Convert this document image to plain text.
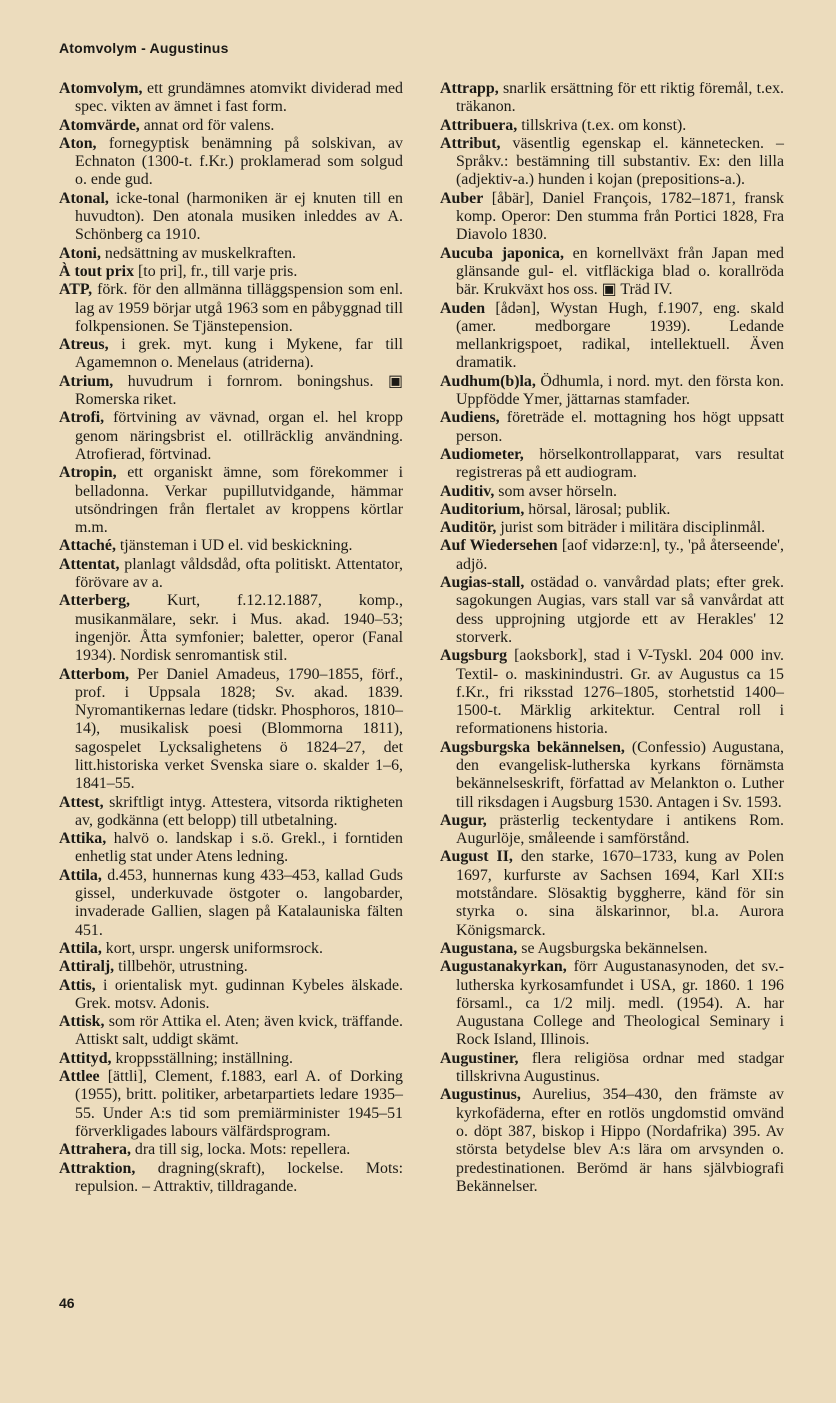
Atomvolym - Augustinus

Atomvolym, ett grundämnes atomvikt dividerad med spec. vikten av ämnet i fast form.

Atomvärde, annat ord för valens.

Aton, fornegyptisk benämning på solskivan, av Echnaton (1300-t. f.Kr.) proklamerad som solgud o. ende gud.

Atonal, icke-tonal (harmoniken är ej knuten till en huvudton). Den atonala musiken inleddes av A. Schönberg ca 1910.

Atoni, nedsättning av muskelkraften.

À tout prix [to pri], fr., till varje pris.

ATP, förk. för den allmänna tilläggspension som enl. lag av 1959 börjar utgå 1963 som en påbyggnad till folkpensionen. Se Tjänstepension.

Atreus, i grek. myt. kung i Mykene, far till Agamemnon o. Menelaus (atriderna).

Atrium, huvudrum i fornrom. boningshus. ▣ Romerska riket.

Atrofi, förtvining av vävnad, organ el. hel kropp genom näringsbrist el. otillräcklig användning. Atrofierad, förtvinad.

Atropin, ett organiskt ämne, som förekommer i belladonna. Verkar pupillutvidgande, hämmar utsöndringen från flertalet av kroppens körtlar m.m.

Attaché, tjänsteman i UD el. vid beskickning.

Attentat, planlagt våldsdåd, ofta politiskt. Attentator, förövare av a.

Atterberg, Kurt, f.12.12.1887, komp., musikanmälare, sekr. i Mus. akad. 1940–53; ingenjör. Åtta symfonier; baletter, operor (Fanal 1934). Nordisk senromantisk stil.

Atterbom, Per Daniel Amadeus, 1790–1855, förf., prof. i Uppsala 1828; Sv. akad. 1839. Nyromantikernas ledare (tidskr. Phosphoros, 1810–14), musikalisk poesi (Blommorna 1811), sagospelet Lycksalighetens ö 1824–27, det litt.historiska verket Svenska siare o. skalder 1–6, 1841–55.

Attest, skriftligt intyg. Attestera, vitsorda riktigheten av, godkänna (ett belopp) till utbetalning.

Attika, halvö o. landskap i s.ö. Grekl., i forntiden enhetlig stat under Atens ledning.

Attila, d.453, hunnernas kung 433–453, kallad Guds gissel, underkuvade östgoter o. langobarder, invaderade Gallien, slagen på Katalauniska fälten 451.

Attila, kort, urspr. ungersk uniformsrock.

Attiralj, tillbehör, utrustning.

Attis, i orientalisk myt. gudinnan Kybeles älskade. Grek. motsv. Adonis.

Attisk, som rör Attika el. Aten; även kvick, träffande. Attiskt salt, uddigt skämt.

Attityd, kroppsställning; inställning.

Attlee [ättli], Clement, f.1883, earl A. of Dorking (1955), britt. politiker, arbetarpartiets ledare 1935–55. Under A:s tid som premiärminister 1945–51 förverkligades labours välfärdsprogram.

Attrahera, dra till sig, locka. Mots: repellera.

Attraktion, dragning(skraft), lockelse. Mots: repulsion. – Attraktiv, tilldragande.

Attrapp, snarlik ersättning för ett riktig föremål, t.ex. träkanon.

Attribuera, tillskriva (t.ex. om konst).

Attribut, väsentlig egenskap el. kännetecken. – Språkv.: bestämning till substantiv. Ex: den lilla (adjektiv-a.) hunden i kojan (prepositions-a.).

Auber [åbär], Daniel François, 1782–1871, fransk komp. Operor: Den stumma från Portici 1828, Fra Diavolo 1830.

Aucuba japonica, en kornellväxt från Japan med glänsande gul- el. vitfläckiga blad o. korallröda bär. Krukväxt hos oss. ▣ Träd IV.

Auden [ådən], Wystan Hugh, f.1907, eng. skald (amer. medborgare 1939). Ledande mellankrigspoet, radikal, intellektuell. Även dramatik.

Audhum(b)la, Ödhumla, i nord. myt. den första kon. Uppfödde Ymer, jättarnas stamfader.

Audiens, företräde el. mottagning hos högt uppsatt person.

Audiometer, hörselkontrollapparat, vars resultat registreras på ett audiogram.

Auditiv, som avser hörseln.

Auditorium, hörsal, lärosal; publik.

Auditör, jurist som biträder i militära disciplinmål.

Auf Wiedersehen [aof vidərze:n], ty., 'på återseende', adjö.

Augias-stall, ostädad o. vanvårdad plats; efter grek. sagokungen Augias, vars stall var så vanvårdat att dess upprojning utgjorde ett av Herakles' 12 storverk.

Augsburg [aoksbork], stad i V-Tyskl. 204 000 inv. Textil- o. maskinindustri. Gr. av Augustus ca 15 f.Kr., fri riksstad 1276–1805, storhetstid 1400–1500-t. Märklig arkitektur. Central roll i reformationens historia.

Augsburgska bekännelsen, (Confessio) Augustana, den evangelisk-lutherska kyrkans förnämsta bekännelseskrift, författad av Melankton o. Luther till riksdagen i Augsburg 1530. Antagen i Sv. 1593.

Augur, prästerlig teckentydare i antikens Rom. Augurlöje, småleende i samförstånd.

August II, den starke, 1670–1733, kung av Polen 1697, kurfurste av Sachsen 1694, Karl XII:s motståndare. Slösaktig byggherre, känd för sin styrka o. sina älskarinnor, bl.a. Aurora Königsmarck.

Augustana, se Augsburgska bekännelsen.

Augustanakyrkan, förr Augustanasynoden, det sv.-lutherska kyrkosamfundet i USA, gr. 1860. 1 196 församl., ca 1/2 milj. medl. (1954). A. har Augustana College and Theological Seminary i Rock Island, Illinois.

Augustiner, flera religiösa ordnar med stadgar tillskrivna Augustinus.

Augustinus, Aurelius, 354–430, den främste av kyrkofäderna, efter en rotlös ungdomstid omvänd o. döpt 387, biskop i Hippo (Nordafrika) 395. Av största betydelse blev A:s lära om arvsynden o. predestinationen. Berömd är hans självbiografi Bekännelser.

46
